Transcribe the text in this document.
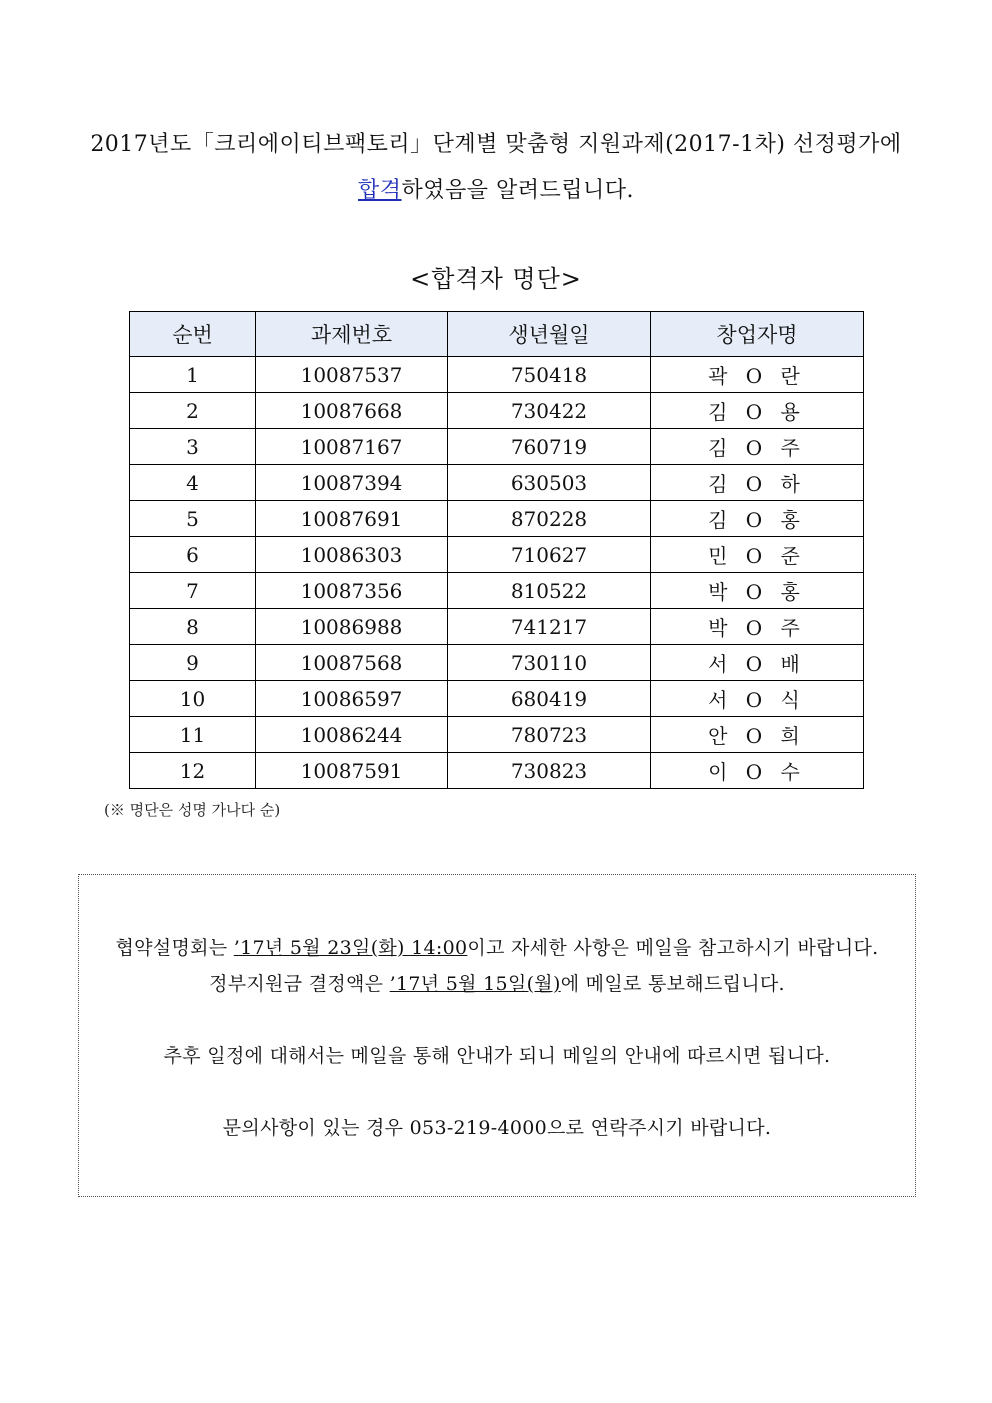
2017년도「크리에이티브팩토리」단계별 맞춤형 지원과제(2017-1차) 선정평가에
합격하였음을 알려드립니다.
<합격자 명단>
순번	과제번호	생년월일	창업자명
1	10087537	750418	곽 O 란
2	10087668	730422	김 O 용
3	10087167	760719	김 O 주
4	10087394	630503	김 O 하
5	10087691	870228	김 O 홍
6	10086303	710627	민 O 준
7	10087356	810522	박 O 홍
8	10086988	741217	박 O 주
9	10087568	730110	서 O 배
10	10086597	680419	서 O 식
11	10086244	780723	안 O 희
12	10087591	730823	이 O 수
(※ 명단은 성명 가나다 순)
협약설명회는 ’17년 5월 23일(화) 14:00이고 자세한 사항은 메일을 참고하시기 바랍니다.
정부지원금 결정액은 ’17년 5월 15일(월)에 메일로 통보해드립니다.
추후 일정에 대해서는 메일을 통해 안내가 되니 메일의 안내에 따르시면 됩니다.
문의사항이 있는 경우 053-219-4000으로 연락주시기 바랍니다.
